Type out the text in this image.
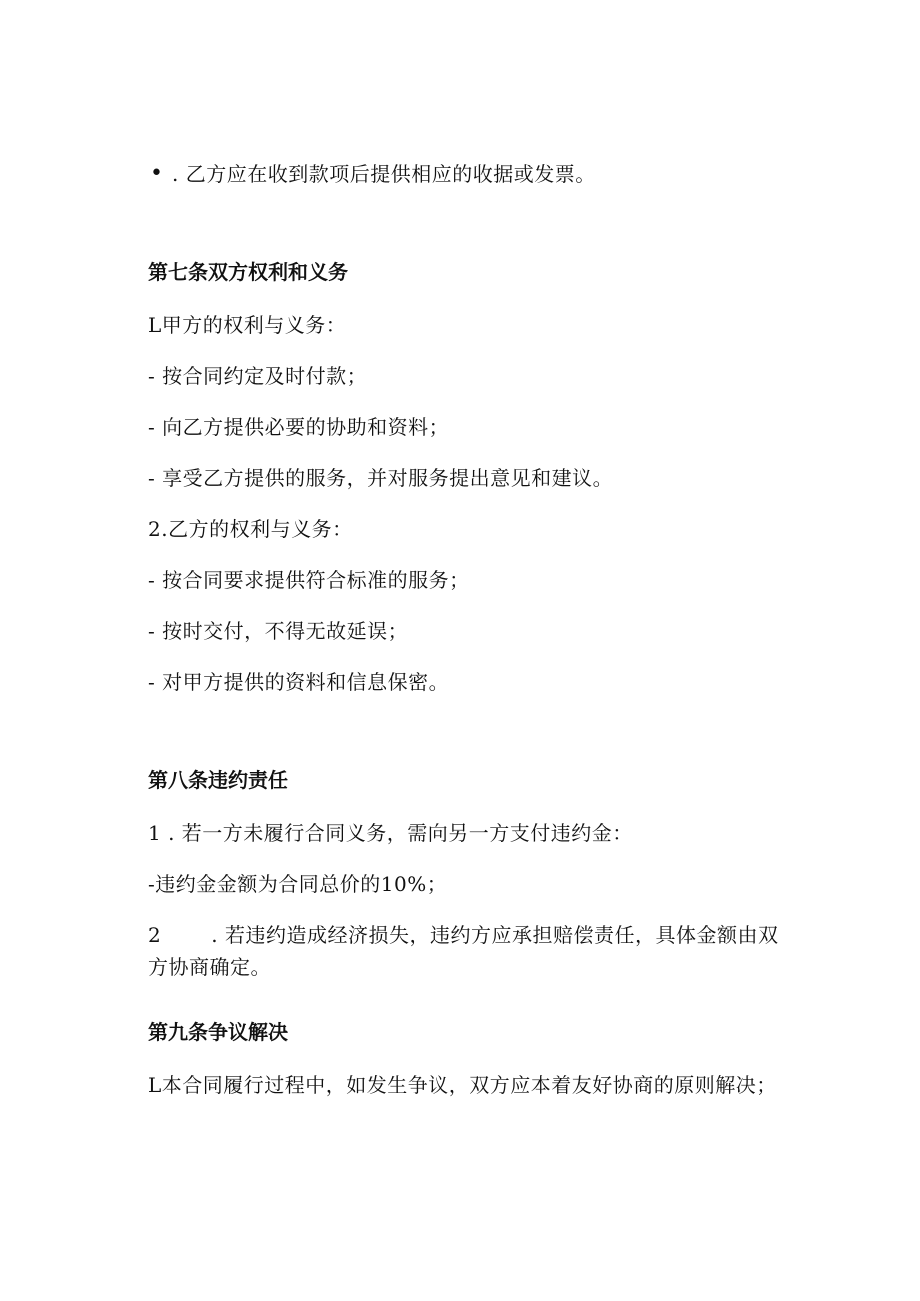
• . 乙方应在收到款项后提供相应的收据或发票。
第七条双方权利和义务
L甲方的权利与义务：
- 按合同约定及时付款；
- 向乙方提供必要的协助和资料；
- 享受乙方提供的服务，并对服务提出意见和建议。
2.乙方的权利与义务：
- 按合同要求提供符合标准的服务；
- 按时交付，不得无故延误；
- 对甲方提供的资料和信息保密。
第八条违约责任
1 . 若一方未履行合同义务，需向另一方支付违约金：
-违约金金额为合同总价的10%；
2	. 若违约造成经济损失，违约方应承担赔偿责任，具体金额由双
方协商确定。
第九条争议解决
L本合同履行过程中，如发生争议，双方应本着友好协商的原则解决；
